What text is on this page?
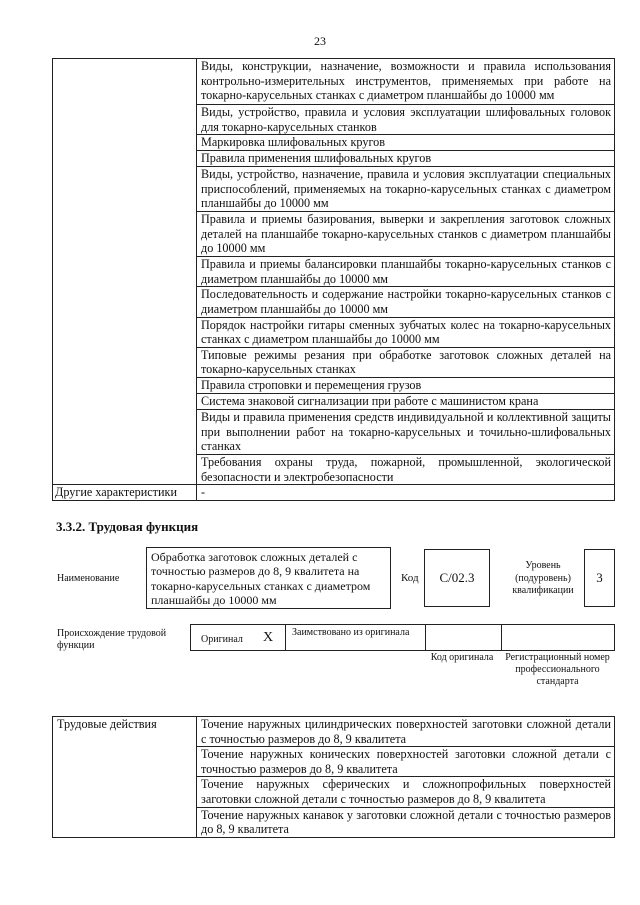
23
	Виды, конструкции, назначение, возможности и правила использования контрольно-измерительных инструментов, применяемых при работе на токарно-карусельных станках с диаметром планшайбы до 10000 мм
	Виды, устройство, правила и условия эксплуатации шлифовальных головок для токарно-карусельных станков
	Маркировка шлифовальных кругов
	Правила применения шлифовальных кругов
	Виды, устройство, назначение, правила и условия эксплуатации специальных приспособлений, применяемых на токарно-карусельных станках с диаметром планшайбы до 10000 мм
	Правила и приемы базирования, выверки и закрепления заготовок сложных деталей на планшайбе токарно-карусельных станков с диаметром планшайбы до 10000 мм
	Правила и приемы балансировки планшайбы токарно-карусельных станков с диаметром планшайбы до 10000 мм
	Последовательность и содержание настройки токарно-карусельных станков с диаметром планшайбы до 10000 мм
	Порядок настройки гитары сменных зубчатых колес на токарно-карусельных станках с диаметром планшайбы до 10000 мм
	Типовые режимы резания при обработке заготовок сложных деталей на токарно-карусельных станках
	Правила строповки и перемещения грузов
	Система знаковой сигнализации при работе с машинистом крана
	Виды и правила применения средств индивидуальной и коллективной защиты при выполнении работ на токарно-карусельных и точильно-шлифовальных станках
	Требования охраны труда, пожарной, промышленной, экологической безопасности и электробезопасности
Другие характеристики	-
3.3.2. Трудовая функция
Наименование
Обработка заготовок сложных деталей с точностью размеров до 8, 9 квалитета на токарно-карусельных станках с диаметром планшайбы до 10000 мм
Код	C/02.3
Уровень (подуровень) квалификации
3
Происхождение трудовой функции
Оригинал X Заимствовано из оригинала
Код оригинала	Регистрационный номер профессионального стандарта
Трудовые действия	Точение наружных цилиндрических поверхностей заготовки сложной детали с точностью размеров до 8, 9 квалитета
Точение наружных конических поверхностей заготовки сложной детали с точностью размеров до 8, 9 квалитета
Точение наружных сферических и сложнопрофильных поверхностей заготовки сложной детали с точностью размеров до 8, 9 квалитета
Точение наружных канавок у заготовки сложной детали с точностью размеров до 8, 9 квалитета
